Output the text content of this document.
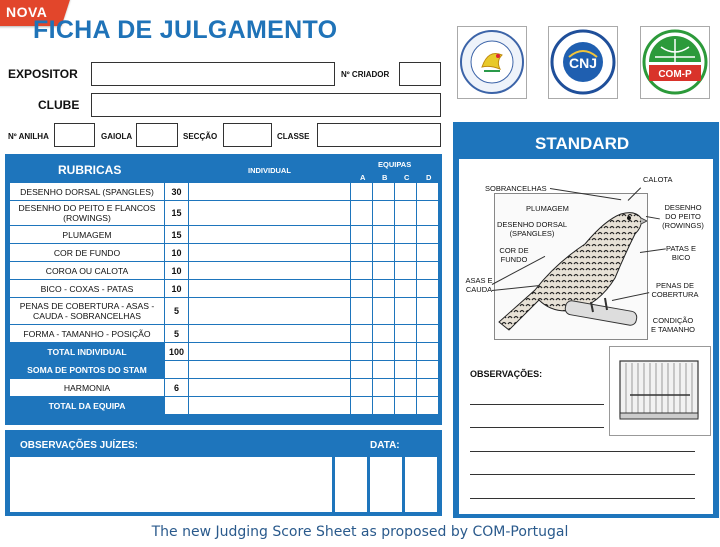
NOVA
FICHA DE JULGAMENTO
EXPOSITOR	Nº CRIADOR
CLUBE
Nº ANILHA	GAIOLA	SECÇÃO	CLASSE
CNJ
COM-P
RUBRICAS	INDIVIDUAL
EQUIPAS
A B C D
DESENHO DORSAL (SPANGLES)	30					
DESENHO DO PEITO E FLANCOS (ROWINGS)	15					
PLUMAGEM	15					
COR DE FUNDO	10					
COROA OU CALOTA	10					
BICO - COXAS - PATAS	10					
PENAS DE COBERTURA - ASAS - CAUDA - SOBRANCELHAS	5					
FORMA - TAMANHO - POSIÇÃO	5					
TOTAL INDIVIDUAL	100					
SOMA DE PONTOS DO STAM						
HARMONIA	6					
TOTAL DA EQUIPA						
OBSERVAÇÕES JUÍZES:	DATA:
STANDARD
SOBRANCELHAS
CALOTA
PLUMAGEM	DESENHO DO PEITO (ROWINGS)
DESENHO DORSAL (SPANGLES)
PATAS E BICO
COR DE FUNDO
PENAS DE COBERTURA
ASAS E CAUDA
CONDIÇÃO E TAMANHO
OBSERVAÇÕES:
The new Judging Score Sheet as proposed by COM-Portugal
